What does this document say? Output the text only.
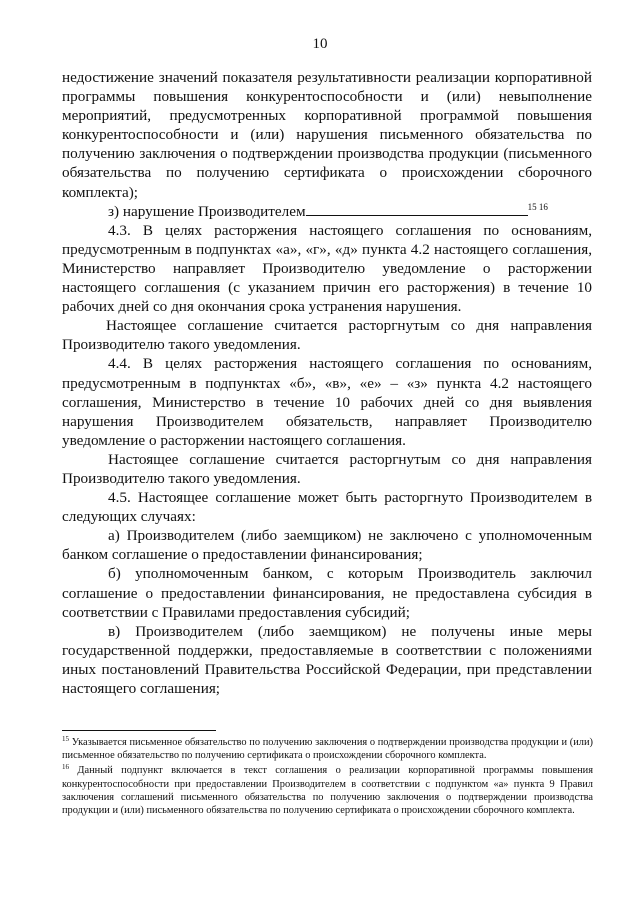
10

недостижение значений показателя результативности реализации корпоративной программы повышения конкурентоспособности и (или) невыполнение мероприятий, предусмотренных корпоративной программой повышения конкурентоспособности и (или) нарушения письменного обязательства по получению заключения о подтверждении производства продукции (письменного обязательства по получению сертификата о происхождении сборочного комплекта);

з) нарушение Производителем	$^{15 16}$

4.3. В целях расторжения настоящего соглашения по основаниям, предусмотренным в подпунктах «а», «г», «д» пункта 4.2 настоящего соглашения, Министерство направляет Производителю уведомление о расторжении настоящего соглашения (с указанием причин его расторжения) в течение 10 рабочих дней со дня окончания срока устранения нарушения.

Настоящее соглашение считается расторгнутым со дня направления Производителю такого уведомления.

4.4. В целях расторжения настоящего соглашения по основаниям, предусмотренным в подпунктах «б», «в», «е» – «з» пункта 4.2 настоящего соглашения, Министерство в течение 10 рабочих дней со дня выявления нарушения Производителем обязательств, направляет Производителю уведомление о расторжении настоящего соглашения.

Настоящее соглашение считается расторгнутым со дня направления Производителю такого уведомления.

4.5. Настоящее соглашение может быть расторгнуто Производителем в следующих случаях:

а) Производителем (либо заемщиком) не заключено с уполномоченным банком соглашение о предоставлении финансирования;

б) уполномоченным банком, с которым Производитель заключил соглашение о предоставлении финансирования, не предоставлена субсидия в соответствии с Правилами предоставления субсидий;

в) Производителем (либо заемщиком) не получены иные меры государственной поддержки, предоставляемые в соответствии с положениями иных постановлений Правительства Российской Федерации, при представлении настоящего соглашения;

$^{15}$ Указывается письменное обязательство по получению заключения о подтверждении производства продукции и (или) письменное обязательство по получению сертификата о происхождении сборочного комплекта.

$^{16}$ Данный подпункт включается в текст соглашения о реализации корпоративной программы повышения конкурентоспособности при предоставлении Производителем в соответствии с подпунктом «а» пункта 9 Правил заключения соглашений письменного обязательства по получению заключения о подтверждении производства продукции и (или) письменного обязательства по получению сертификата о происхождении сборочного комплекта.
